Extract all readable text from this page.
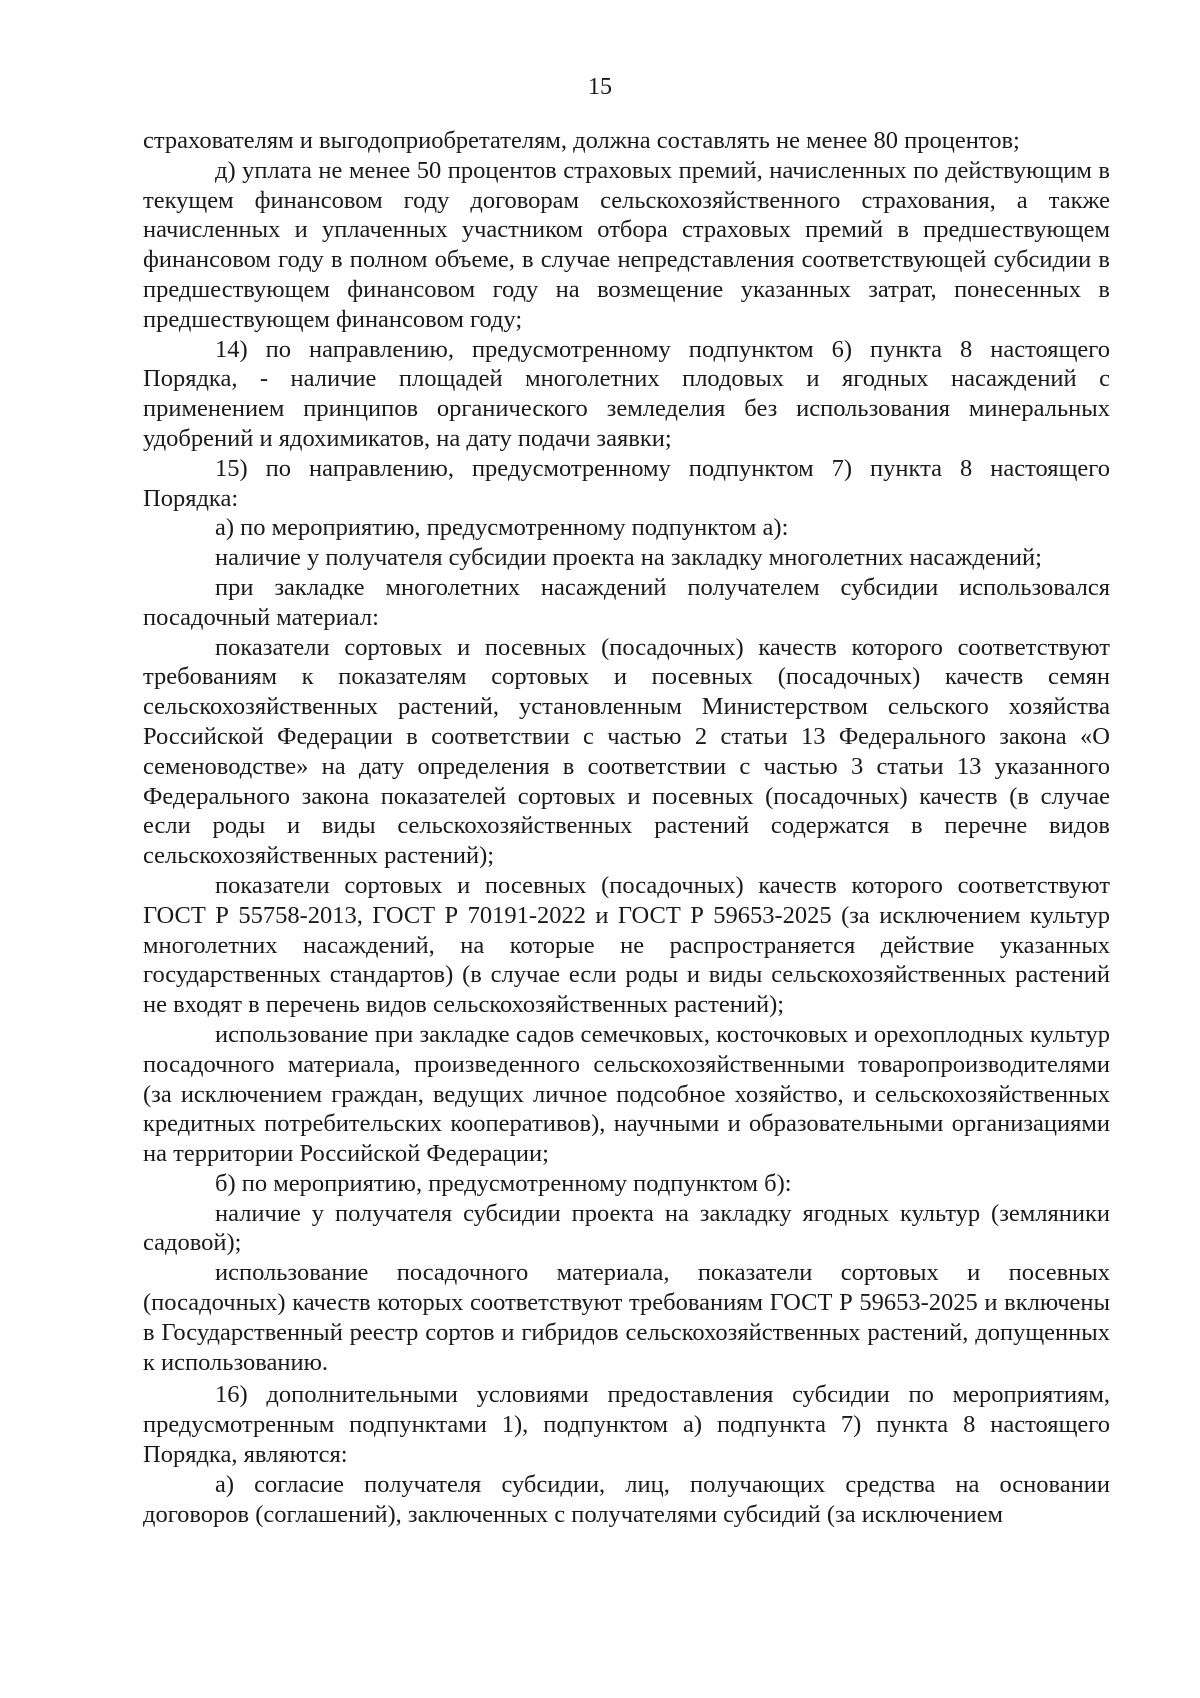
15

страхователям и выгодоприобретателям, должна составлять не менее 80 процентов;

д) уплата не менее 50 процентов страховых премий, начисленных по действующим в текущем финансовом году договорам сельскохозяйственного страхования, а также начисленных и уплаченных участником отбора страховых премий в предшествующем финансовом году в полном объеме, в случае непредставления соответствующей субсидии в предшествующем финансовом году на возмещение указанных затрат, понесенных в предшествующем финансовом году;

14) по направлению, предусмотренному подпунктом 6) пункта 8 настоящего Порядка, - наличие площадей многолетних плодовых и ягодных насаждений с применением принципов органического земледелия без использования минеральных удобрений и ядохимикатов, на дату подачи заявки;

15) по направлению, предусмотренному подпунктом 7) пункта 8 настоящего Порядка:

а) по мероприятию, предусмотренному подпунктом а):

наличие у получателя субсидии проекта на закладку многолетних насаждений;

при закладке многолетних насаждений получателем субсидии использовался посадочный материал:

показатели сортовых и посевных (посадочных) качеств которого соответствуют требованиям к показателям сортовых и посевных (посадочных) качеств семян сельскохозяйственных растений, установленным Министерством сельского хозяйства Российской Федерации в соответствии с частью 2 статьи 13 Федерального закона «О семеноводстве» на дату определения в соответствии с частью 3 статьи 13 указанного Федерального закона показателей сортовых и посевных (посадочных) качеств (в случае если роды и виды сельскохозяйственных растений содержатся в перечне видов сельскохозяйственных растений);

показатели сортовых и посевных (посадочных) качеств которого соответствуют ГОСТ Р 55758-2013, ГОСТ Р 70191-2022 и ГОСТ Р 59653-2025 (за исключением культур многолетних насаждений, на которые не распространяется действие указанных государственных стандартов) (в случае если роды и виды сельскохозяйственных растений не входят в перечень видов сельскохозяйственных растений);

использование при закладке садов семечковых, косточковых и орехоплодных культур посадочного материала, произведенного сельскохозяйственными товаропроизводителями (за исключением граждан, ведущих личное подсобное хозяйство, и сельскохозяйственных кредитных потребительских кооперативов), научными и образовательными организациями на территории Российской Федерации;

б) по мероприятию, предусмотренному подпунктом б):

наличие у получателя субсидии проекта на закладку ягодных культур (земляники садовой);

использование посадочного материала, показатели сортовых и посевных (посадочных) качеств которых соответствуют требованиям ГОСТ Р 59653-2025 и включены в Государственный реестр сортов и гибридов сельскохозяйственных растений, допущенных к использованию.

16) дополнительными условиями предоставления субсидии по мероприятиям, предусмотренным подпунктами 1), подпунктом а) подпункта 7) пункта 8 настоящего Порядка, являются:

а) согласие получателя субсидии, лиц, получающих средства на основании договоров (соглашений), заключенных с получателями субсидий (за исключением
